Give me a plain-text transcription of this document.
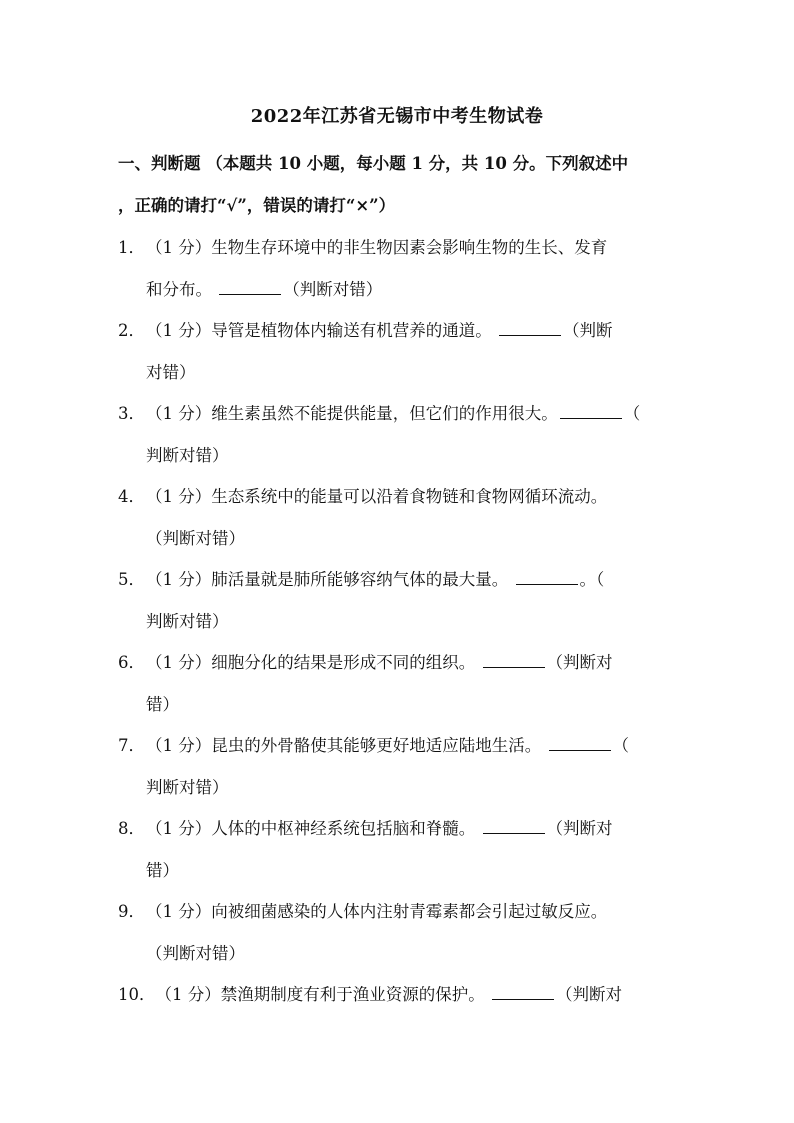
2022年江苏省无锡市中考生物试卷
一、判断题 （本题共 10 小题，每小题 1 分，共 10 分。下列叙述中
，正确的请打“√”，错误的请打“×”）
1．（1 分）生物生存环境中的非生物因素会影响生物的生长、发育
和分布。	（判断对错）
2．（1 分）导管是植物体内输送有机营养的通道。	（判断
对错）
3．（1 分）维生素虽然不能提供能量，但它们的作用很大。	（
判断对错）
4．（1 分）生态系统中的能量可以沿着食物链和食物网循环流动。
（判断对错）
5．（1 分）肺活量就是肺所能够容纳气体的最大量。	。（
判断对错）
6．（1 分）细胞分化的结果是形成不同的组织。	（判断对
错）
7．（1 分）昆虫的外骨骼使其能够更好地适应陆地生活。	（
判断对错）
8．（1 分）人体的中枢神经系统包括脑和脊髓。	（判断对
错）
9．（1 分）向被细菌感染的人体内注射青霉素都会引起过敏反应。
（判断对错）
10．（1 分）禁渔期制度有利于渔业资源的保护。	（判断对
